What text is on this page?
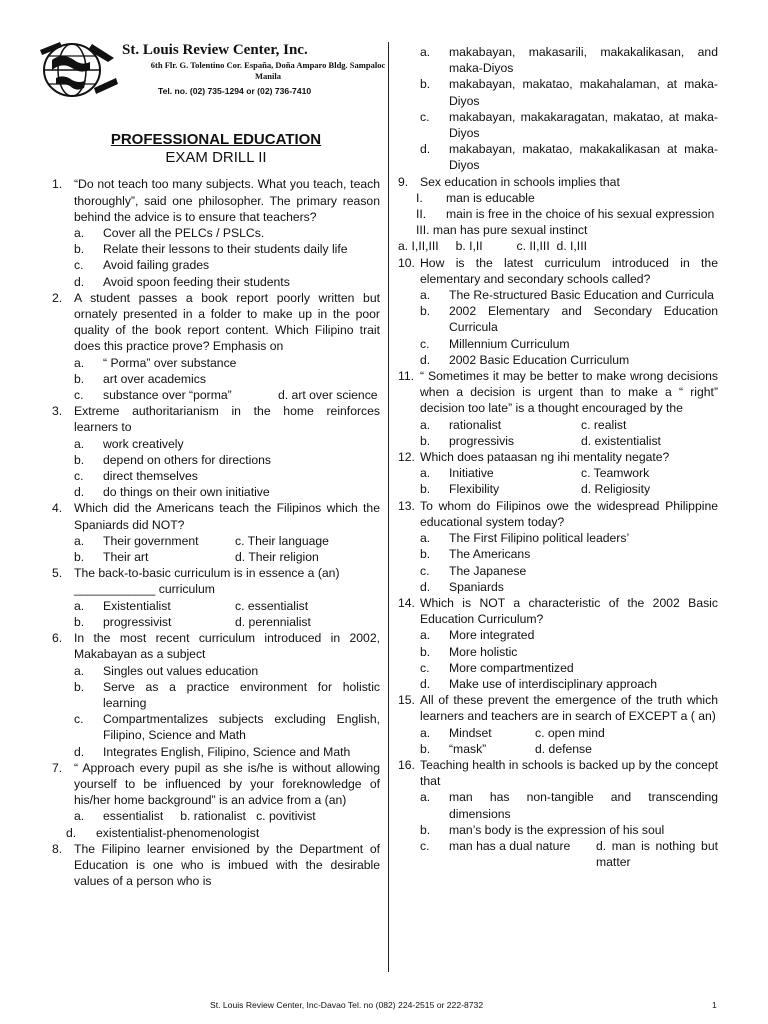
St. Louis Review Center, Inc.
6th Flr. G. Tolentino Cor. España, Doña Amparo Bldg. Sampaloc Manila
Tel. no. (02) 735-1294 or (02) 736-7410
PROFESSIONAL EDUCATION
EXAM DRILL II
1. “Do not teach too many subjects. What you teach, teach thoroughly”, said one philosopher. The primary reason behind the advice is to ensure that teachers?
a.	Cover all the PELCs / PSLCs.
b.	Relate their lessons to their students daily life
c.	Avoid failing grades
d.	Avoid spoon feeding their students
2. A student passes a book report poorly written but ornately presented in a folder to make up in the poor quality of the book report content. Which Filipino trait does this practice prove? Emphasis on
a.	“ Porma” over substance
b.	art over academics
c.	substance over “porma”	d. art over science
3. Extreme authoritarianism in the home reinforces learners to
a.	work creatively
b.	depend on others for directions
c.	direct themselves
d.	do things on their own initiative
4. Which did the Americans teach the Filipinos which the Spaniards did NOT?
a.	Their government	c. Their language
b.	Their art	d. Their religion
5. The back-to-basic curriculum is in essence a (an)
____________ curriculum
a.	Existentialist	c. essentialist
b.	progressivist	d. perennialist
6. In the most recent curriculum introduced in 2002, Makabayan as a subject
a.	Singles out values education
b.	Serve as a practice environment for holistic learning
c.	Compartmentalizes subjects excluding English, Filipino, Science and Math
d.	Integrates English, Filipino, Science and Math
7. “ Approach every pupil as she is/he is without allowing yourself to be influenced by your foreknowledge of his/her home background” is an advice from a (an)
a.	essentialist     b. rationalist   c. povitivist
d.	existentialist-phenomenologist
8. The Filipino learner envisioned by the Department of Education is one who is imbued with the desirable values of a person who is
a.	makabayan, makasarili, makakalikasan, and maka-Diyos
b.	makabayan, makatao, makahalaman, at maka-Diyos
c.	makabayan, makakaragatan, makatao, at maka-Diyos
d.	makabayan, makatao, makakalikasan at maka-Diyos
9. Sex education in schools implies that
I.	man is educable
II.	main is free in the choice of his sexual expression
III. man has pure sexual instinct
a. I,II,III     b. I,II          c. II,III  d. I,III
10. How is the latest curriculum introduced in the elementary and secondary schools called?
a.	The Re-structured Basic Education and Curricula
b.	2002 Elementary and Secondary Education Curricula
c.	Millennium Curriculum
d.	2002 Basic Education Curriculum
11. “ Sometimes it may be better to make wrong decisions when a decision is urgent than to make a “ right” decision too late” is a thought encouraged by the
a.	rationalist	c. realist
b.	progressivis	d. existentialist
12. Which does pataasan ng ihi mentality negate?
a.	Initiative	c. Teamwork
b.	Flexibility	d. Religiosity
13. To whom do Filipinos owe the widespread Philippine educational system today?
a.	The First Filipino political leaders’
b.	The Americans
c.	The Japanese
d.	Spaniards
14. Which is NOT a characteristic of the 2002 Basic Education Curriculum?
a.	More integrated
b.	More holistic
c.	More compartmentized
d.	Make use of interdisciplinary approach
15. All of these prevent the emergence of the truth which learners and teachers are in search of EXCEPT a ( an)
a.	Mindset	c. open mind
b.	“mask”	d. defense
16. Teaching health in schools is backed up by the concept that
a.	man has non-tangible and transcending dimensions
b.	man’s body is the expression of his soul
c.	man has a dual nature	d. man is nothing but matter
St. Louis Review Center, Inc-Davao Tel. no (082) 224-2515 or 222-8732	1
